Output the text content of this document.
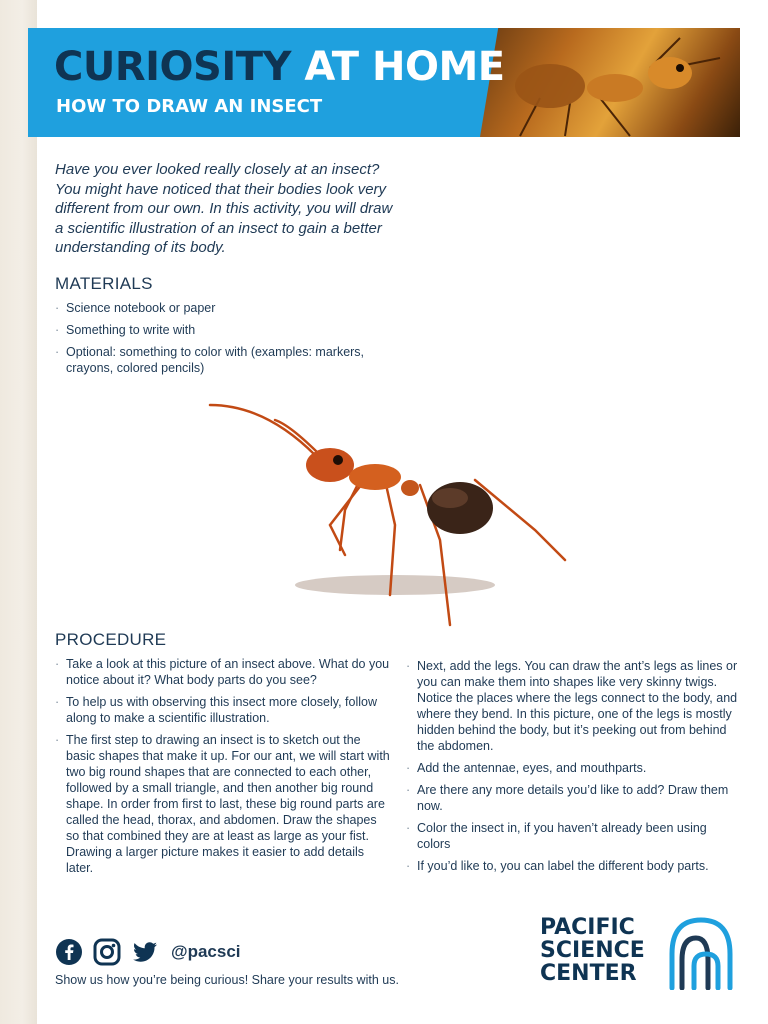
CURIOSITY AT HOME

HOW TO DRAW AN INSECT

Have you ever looked really closely at an insect? You might have noticed that their bodies look very different from our own. In this activity, you will draw a scientific illustration of an insect to gain a better understanding of its body.

MATERIALS
· Science notebook or paper
· Something to write with
· Optional: something to color with (examples: markers, crayons, colored pencils)
PROCEDURE
· Take a look at this picture of an insect above. What do you notice about it? What body parts do you see?
· To help us with observing this insect more closely, follow along to make a scientific illustration.
· The first step to drawing an insect is to sketch out the basic shapes that make it up. For our ant, we will start with two big round shapes that are connected to each other, followed by a small triangle, and then another big round shape. In order from first to last, these big round parts are called the head, thorax, and abdomen. Draw the shapes so that combined they are at least as large as your fist. Drawing a larger picture makes it easier to add details later.
· Next, add the legs. You can draw the ant’s legs as lines or you can make them into shapes like very skinny twigs. Notice the places where the legs connect to the body, and where they bend. In this picture, one of the legs is mostly hidden behind the body, but it’s peeking out from behind the abdomen.
· Add the antennae, eyes, and mouthparts.
· Are there any more details you’d like to add? Draw them now.
· Color the insect in, if you haven’t already been using colors
· If you’d like to, you can label the different body parts.
@pacsci

Show us how you’re being curious! Share your results with us.

PACIFIC
SCIENCE
CENTER
